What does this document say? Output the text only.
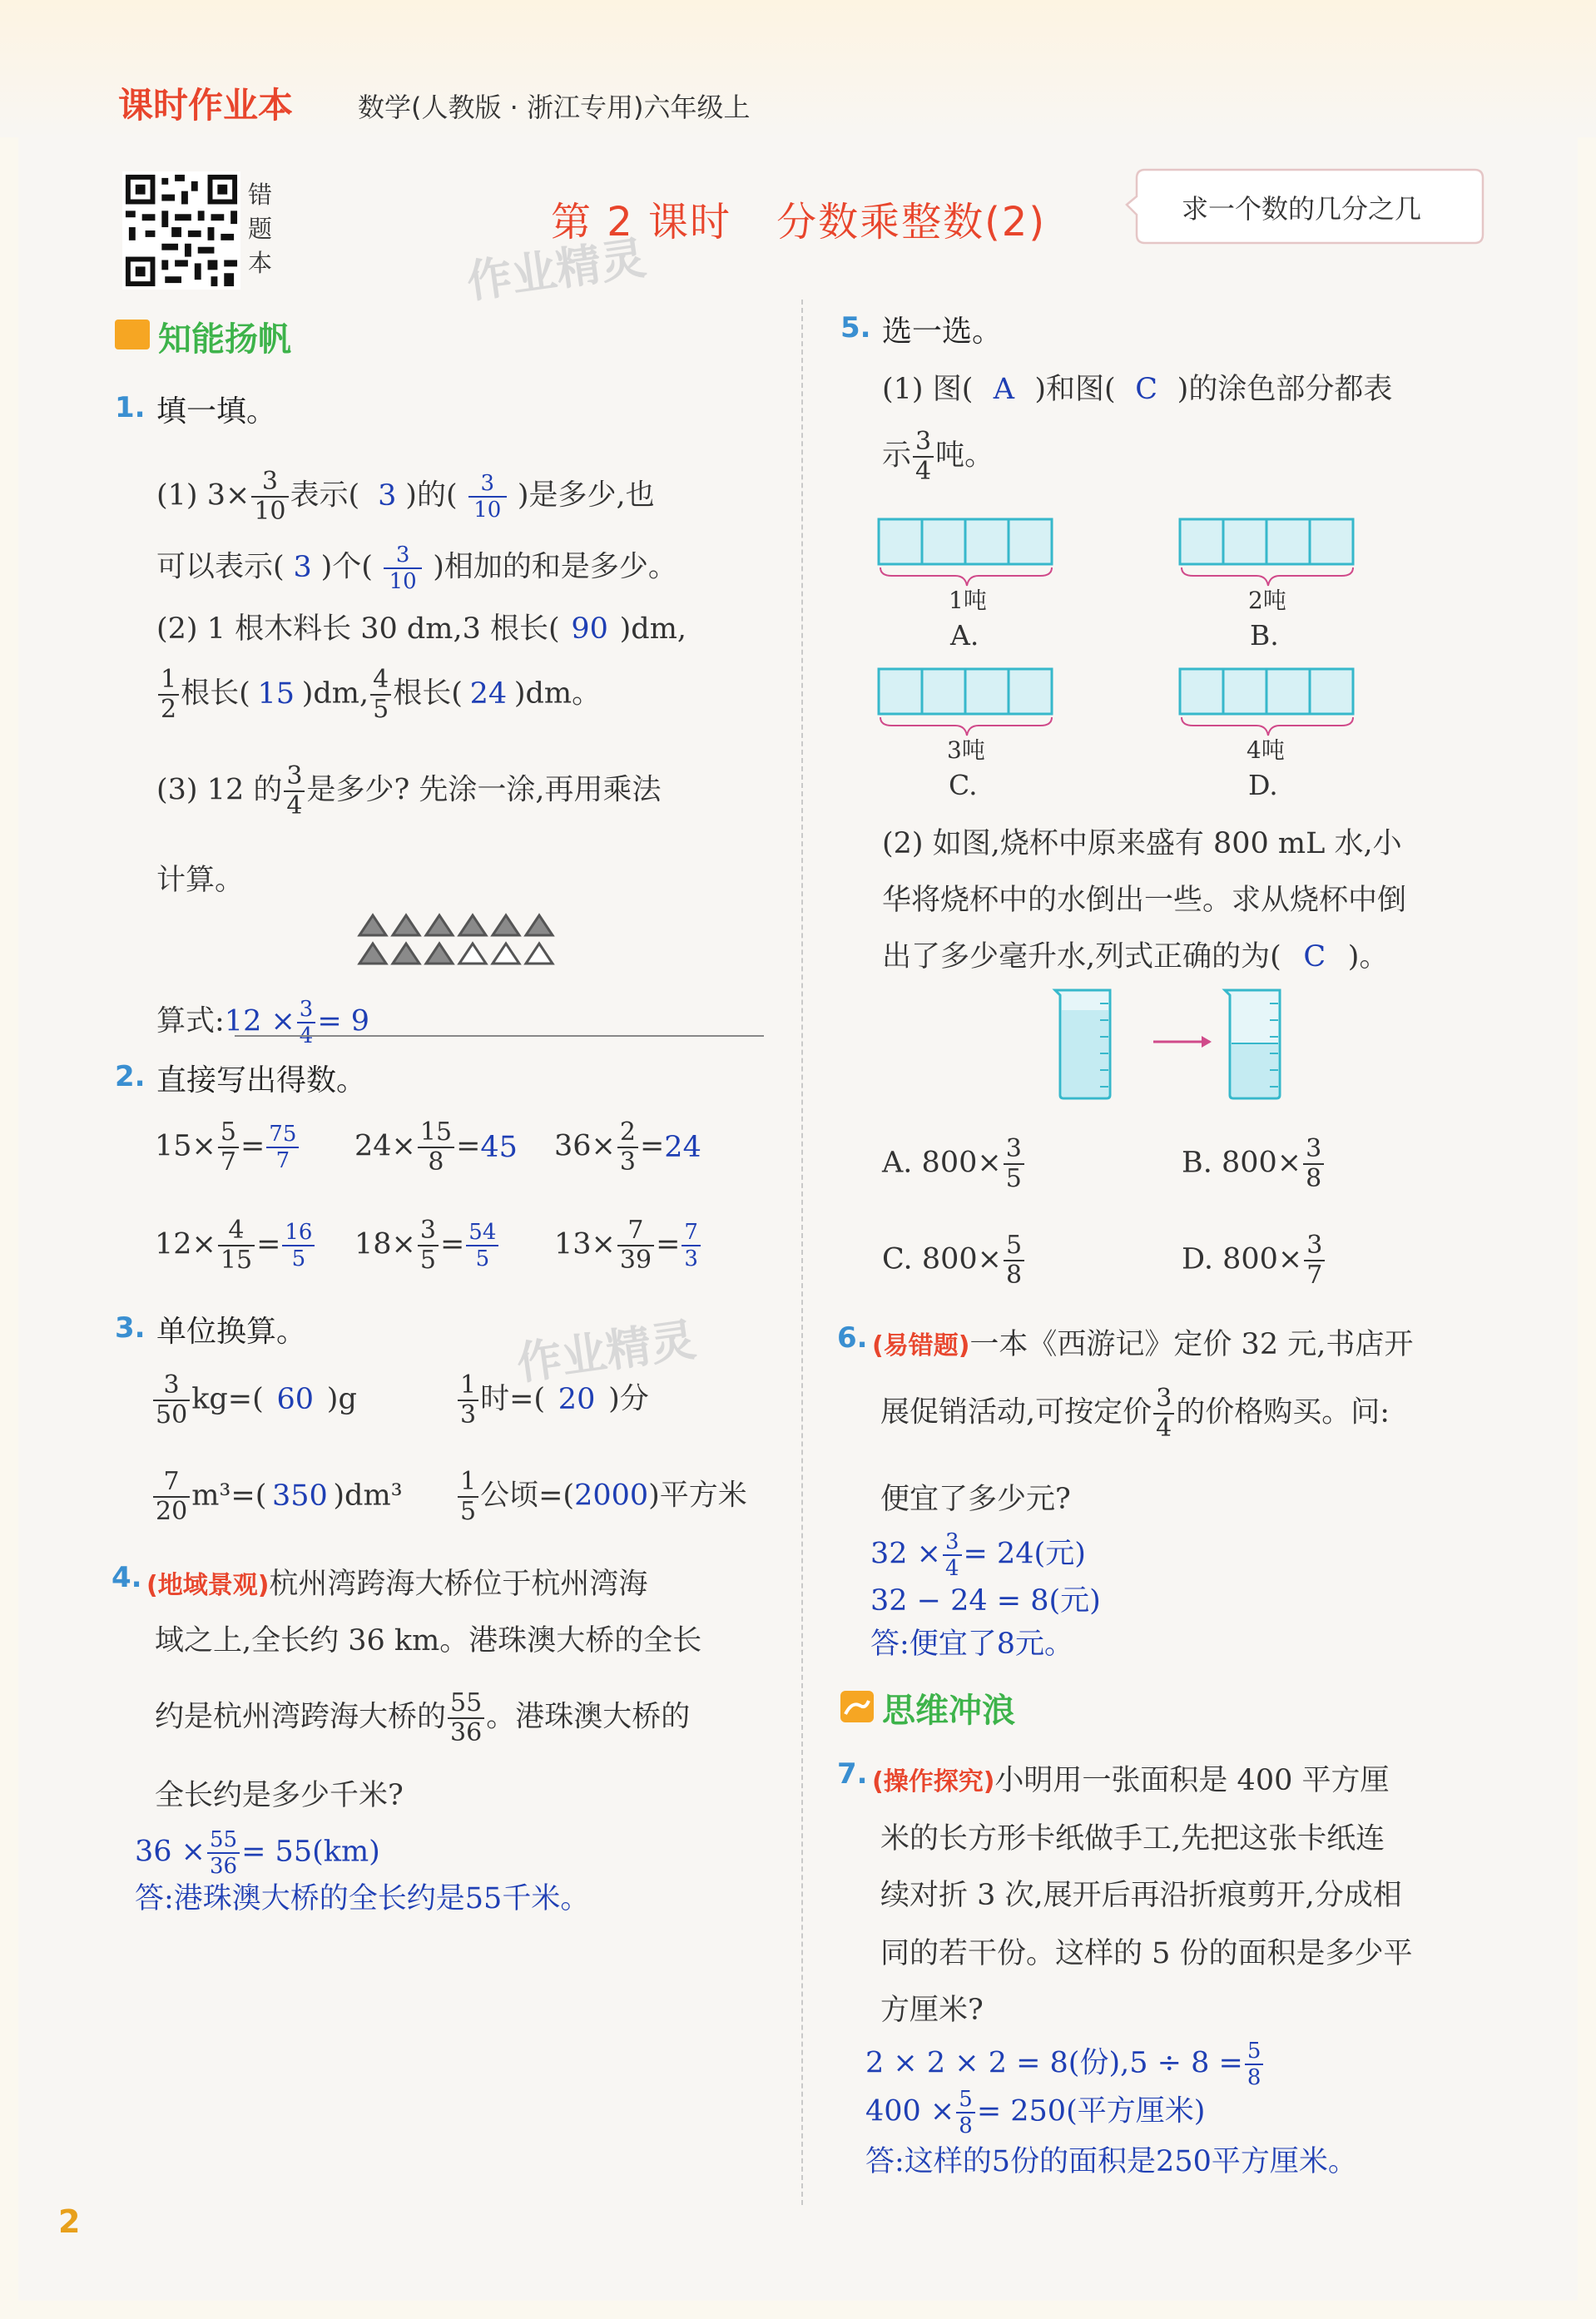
课时作业本 数学(人教版 · 浙江专用)六年级上
错题本
第 2 课时 分数乘整数(2)	求一个数的几分之几
作业精灵
作业精灵
知能扬帆
1. 填一填。
(1) $3\times \frac{3}{10}$ 表示( 3 )的( $\frac{3}{10}$ )是多少,也
可以表示( 3 )个( $\frac{3}{10}$ )相加的和是多少。
(2) 1 根木料长 30 dm,3 根长( 90 )dm,
$\frac{1}{2}$ 根长( 15 )dm, $\frac{4}{5}$ 根长( 24 )dm。
(3) 12 的 $\frac{3}{4}$ 是多少? 先涂一涂,再用乘法
计算。
算式:12 × $\frac{3}{4} = 9$
2. 直接写出得数。
$15\times \frac{5}{7} = \frac{75}{7} 24\times \frac{15}{8} =45$ $36\times \frac{2}{3} =24$
$12\times \frac{4}{15} = \frac{16}{5} 18\times \frac{3}{5} = \frac{54}{5} 13\times \frac{7}{39} = \frac{7}{3}$
3. 单位换算。
$\frac{3}{50} kg=$( 60 )g	$\frac{1}{3}$ 时=( 20 )分
$\frac{7}{20} m^3=$( 350 )$dm^3 \frac{1}{5}$ 公顷=(2000)平方米
4. (地域景观)杭州湾跨海大桥位于杭州湾海
域之上,全长约 36 km。港珠澳大桥的全长
约是杭州湾跨海大桥的 $\frac{55}{36}$ 。港珠澳大桥的
全长约是多少千米?
$36 \times \frac{55}{36} = 55(km)$
答:港珠澳大桥的全长约是55千米。
5. 选一选。
(1) 图( A )和图( C )的涂色部分都表
示 $\frac{3}{4}$ 吨。
1吨
A.
2吨
B.
3吨
C.
4吨
D.
(2) 如图,烧杯中原来盛有 800 mL 水,小
华将烧杯中的水倒出一些。求从烧杯中倒
出了多少毫升水,列式正确的为( C )。
A. $800\times \frac{3}{5}$	B. $800\times \frac{3}{8}$
C. $800\times \frac{5}{8}$	D. $800\times \frac{3}{7}$
6. (易错题)一本《西游记》定价 32 元,书店开
展促销活动,可按定价 $\frac{3}{4}$ 的价格购买。问:
便宜了多少元?
$32 \times \frac{3}{4} = 24$(元)
32 − 24 = 8(元)
答:便宜了8元。
思维冲浪
7. (操作探究)小明用一张面积是 400 平方厘
米的长方形卡纸做手工,先把这张卡纸连
续对折 3 次,展开后再沿折痕剪开,分成相
同的若干份。这样的 5 份的面积是多少平
方厘米?
2 × 2 × 2 = 8(份)$,5 \div 8 = \frac{5}{8}$
$400 \times \frac{5}{8} = 250$(平方厘米)
答:这样的5份的面积是250平方厘米。
2
